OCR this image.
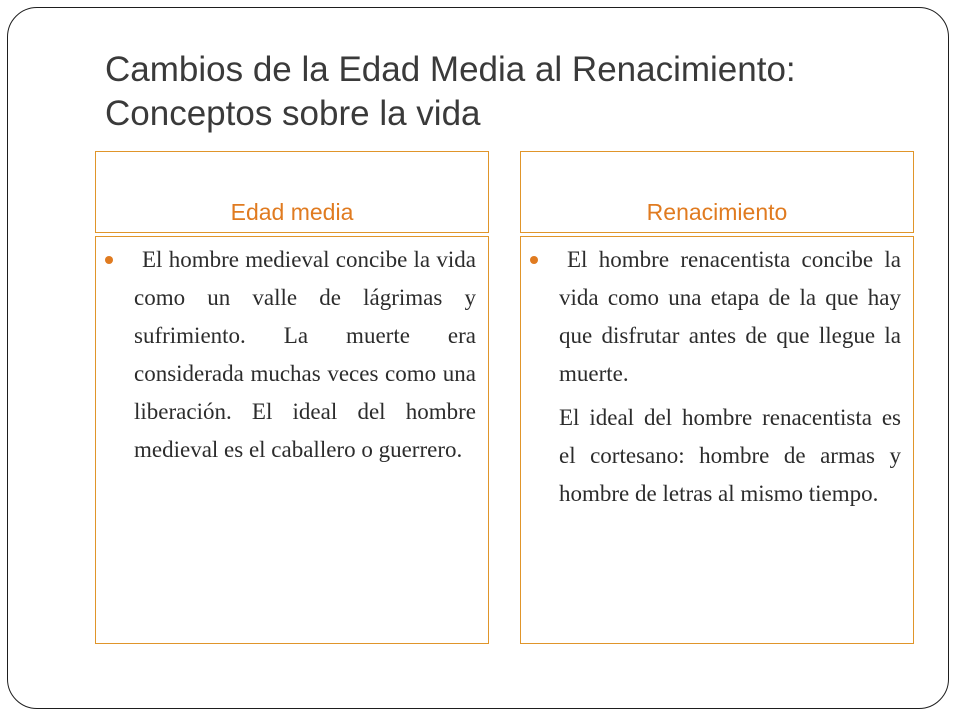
Cambios de la Edad Media al Renacimiento:
Conceptos sobre la vida
Edad media	Renacimiento

El hombre medieval concibe la vida como un valle de lágrimas y sufrimiento. La muerte era considerada muchas veces como una liberación. El ideal del hombre medieval es el caballero o guerrero.

El hombre renacentista concibe la vida como una etapa de la que hay que disfrutar antes de que llegue la muerte.

El ideal del hombre renacentista es el cortesano: hombre de armas y hombre de letras al mismo tiempo.
